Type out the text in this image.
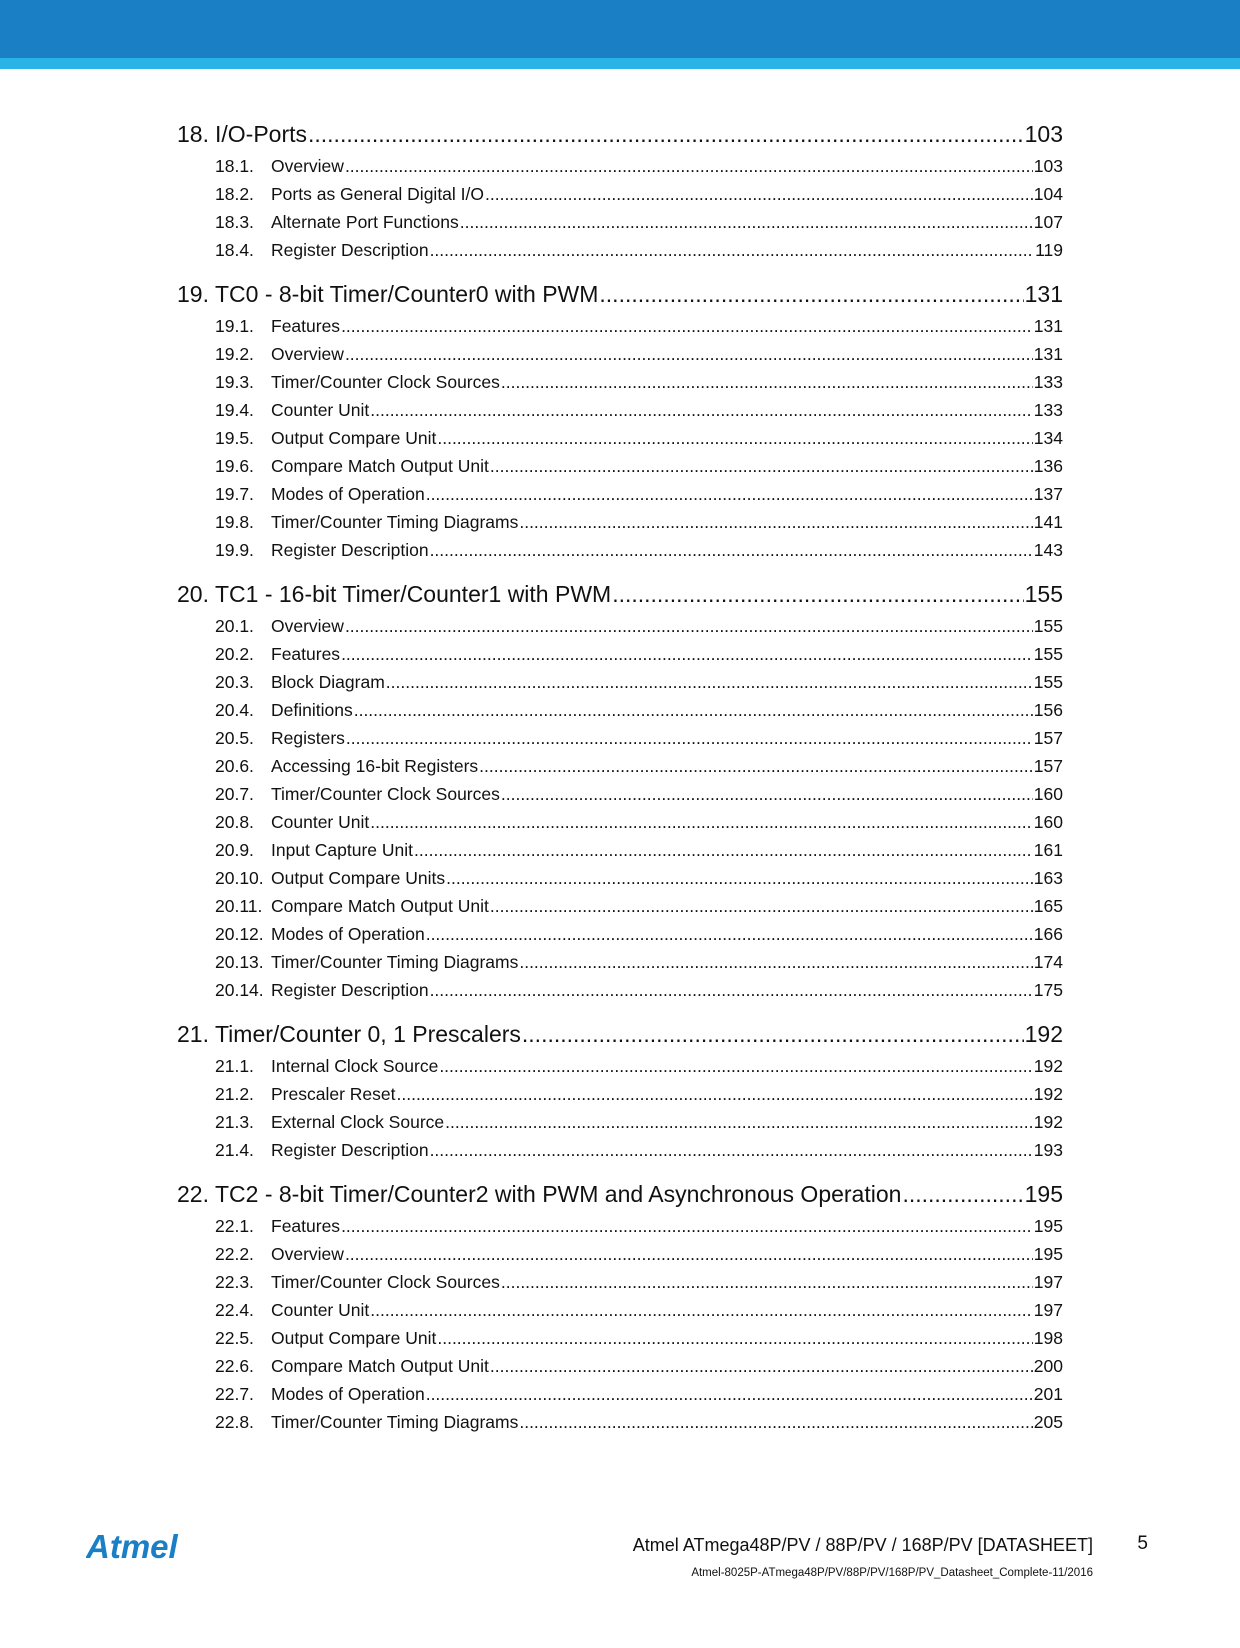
18. I/O-Ports .....	103
18.1. Overview .....	103
18.2. Ports as General Digital I/O .....	104
18.3. Alternate Port Functions .....	107
18.4. Register Description .....	119
19. TC0 - 8-bit Timer/Counter0 with PWM .....	131
19.1. Features .....	131
19.2. Overview .....	131
19.3. Timer/Counter Clock Sources .....	133
19.4. Counter Unit .....	133
19.5. Output Compare Unit .....	134
19.6. Compare Match Output Unit .....	136
19.7. Modes of Operation .....	137
19.8. Timer/Counter Timing Diagrams .....	141
19.9. Register Description .....	143
20. TC1 - 16-bit Timer/Counter1 with PWM .....	155
20.1. Overview .....	155
20.2. Features .....	155
20.3. Block Diagram .....	155
20.4. Definitions .....	156
20.5. Registers .....	157
20.6. Accessing 16-bit Registers .....	157
20.7. Timer/Counter Clock Sources .....	160
20.8. Counter Unit .....	160
20.9. Input Capture Unit .....	161
20.10. Output Compare Units .....	163
20.11. Compare Match Output Unit .....	165
20.12. Modes of Operation .....	166
20.13. Timer/Counter Timing Diagrams .....	174
20.14. Register Description .....	175
21. Timer/Counter 0, 1 Prescalers .....	192
21.1. Internal Clock Source .....	192
21.2. Prescaler Reset .....	192
21.3. External Clock Source .....	192
21.4. Register Description .....	193
22. TC2 - 8-bit Timer/Counter2 with PWM and Asynchronous Operation .....	195
22.1. Features .....	195
22.2. Overview .....	195
22.3. Timer/Counter Clock Sources .....	197
22.4. Counter Unit .....	197
22.5. Output Compare Unit .....	198
22.6. Compare Match Output Unit .....	200
22.7. Modes of Operation .....	201
22.8. Timer/Counter Timing Diagrams .....	205
Atmel	Atmel ATmega48P/PV / 88P/PV / 168P/PV [DATASHEET] 5
Atmel-8025P-ATmega48P/PV/88P/PV/168P/PV_Datasheet_Complete-11/2016
